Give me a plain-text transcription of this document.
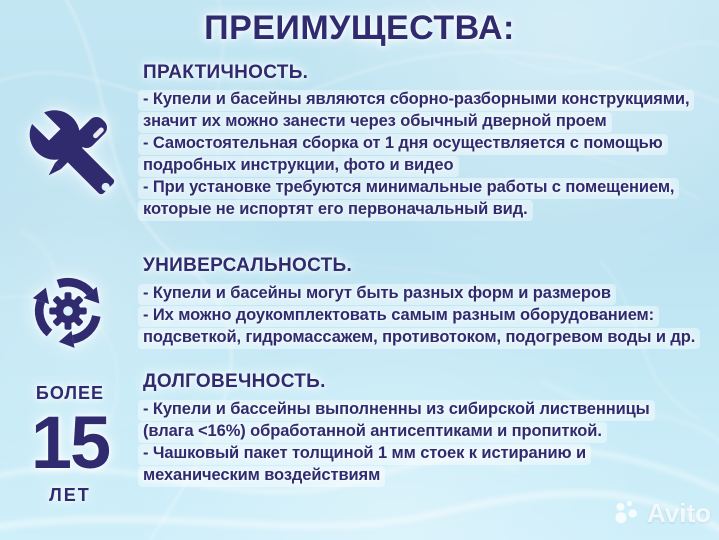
ПРЕИМУЩЕСТВА:
ПРАКТИЧНОСТЬ.
- Купели и басейны являются сборно-разборными конструкциями,
значит их можно занести через обычный дверной проем
- Самостоятельная сборка от 1 дня осуществляется с помощью
подробных инструкции, фото и видео
- При установке требуются минимальные работы с помещением,
которые не испортят его первоначальный вид.
УНИВЕРСАЛЬНОСТЬ.
- Купели и басейны могут быть разных форм и размеров
- Их можно доукомплектовать самым разным оборудованием:
подсветкой, гидромассажем, противотоком, подогревом воды и др.
ДОЛГОВЕЧНОСТЬ.
- Купели и бассейны выполненны из сибирской лиственницы
(влага <16%) обработанной антисептиками и пропиткой.
- Чашковый пакет толщиной 1 мм стоек к истиранию и
механическим воздействиям
БОЛЕЕ
15
ЛЕТ
Avito
